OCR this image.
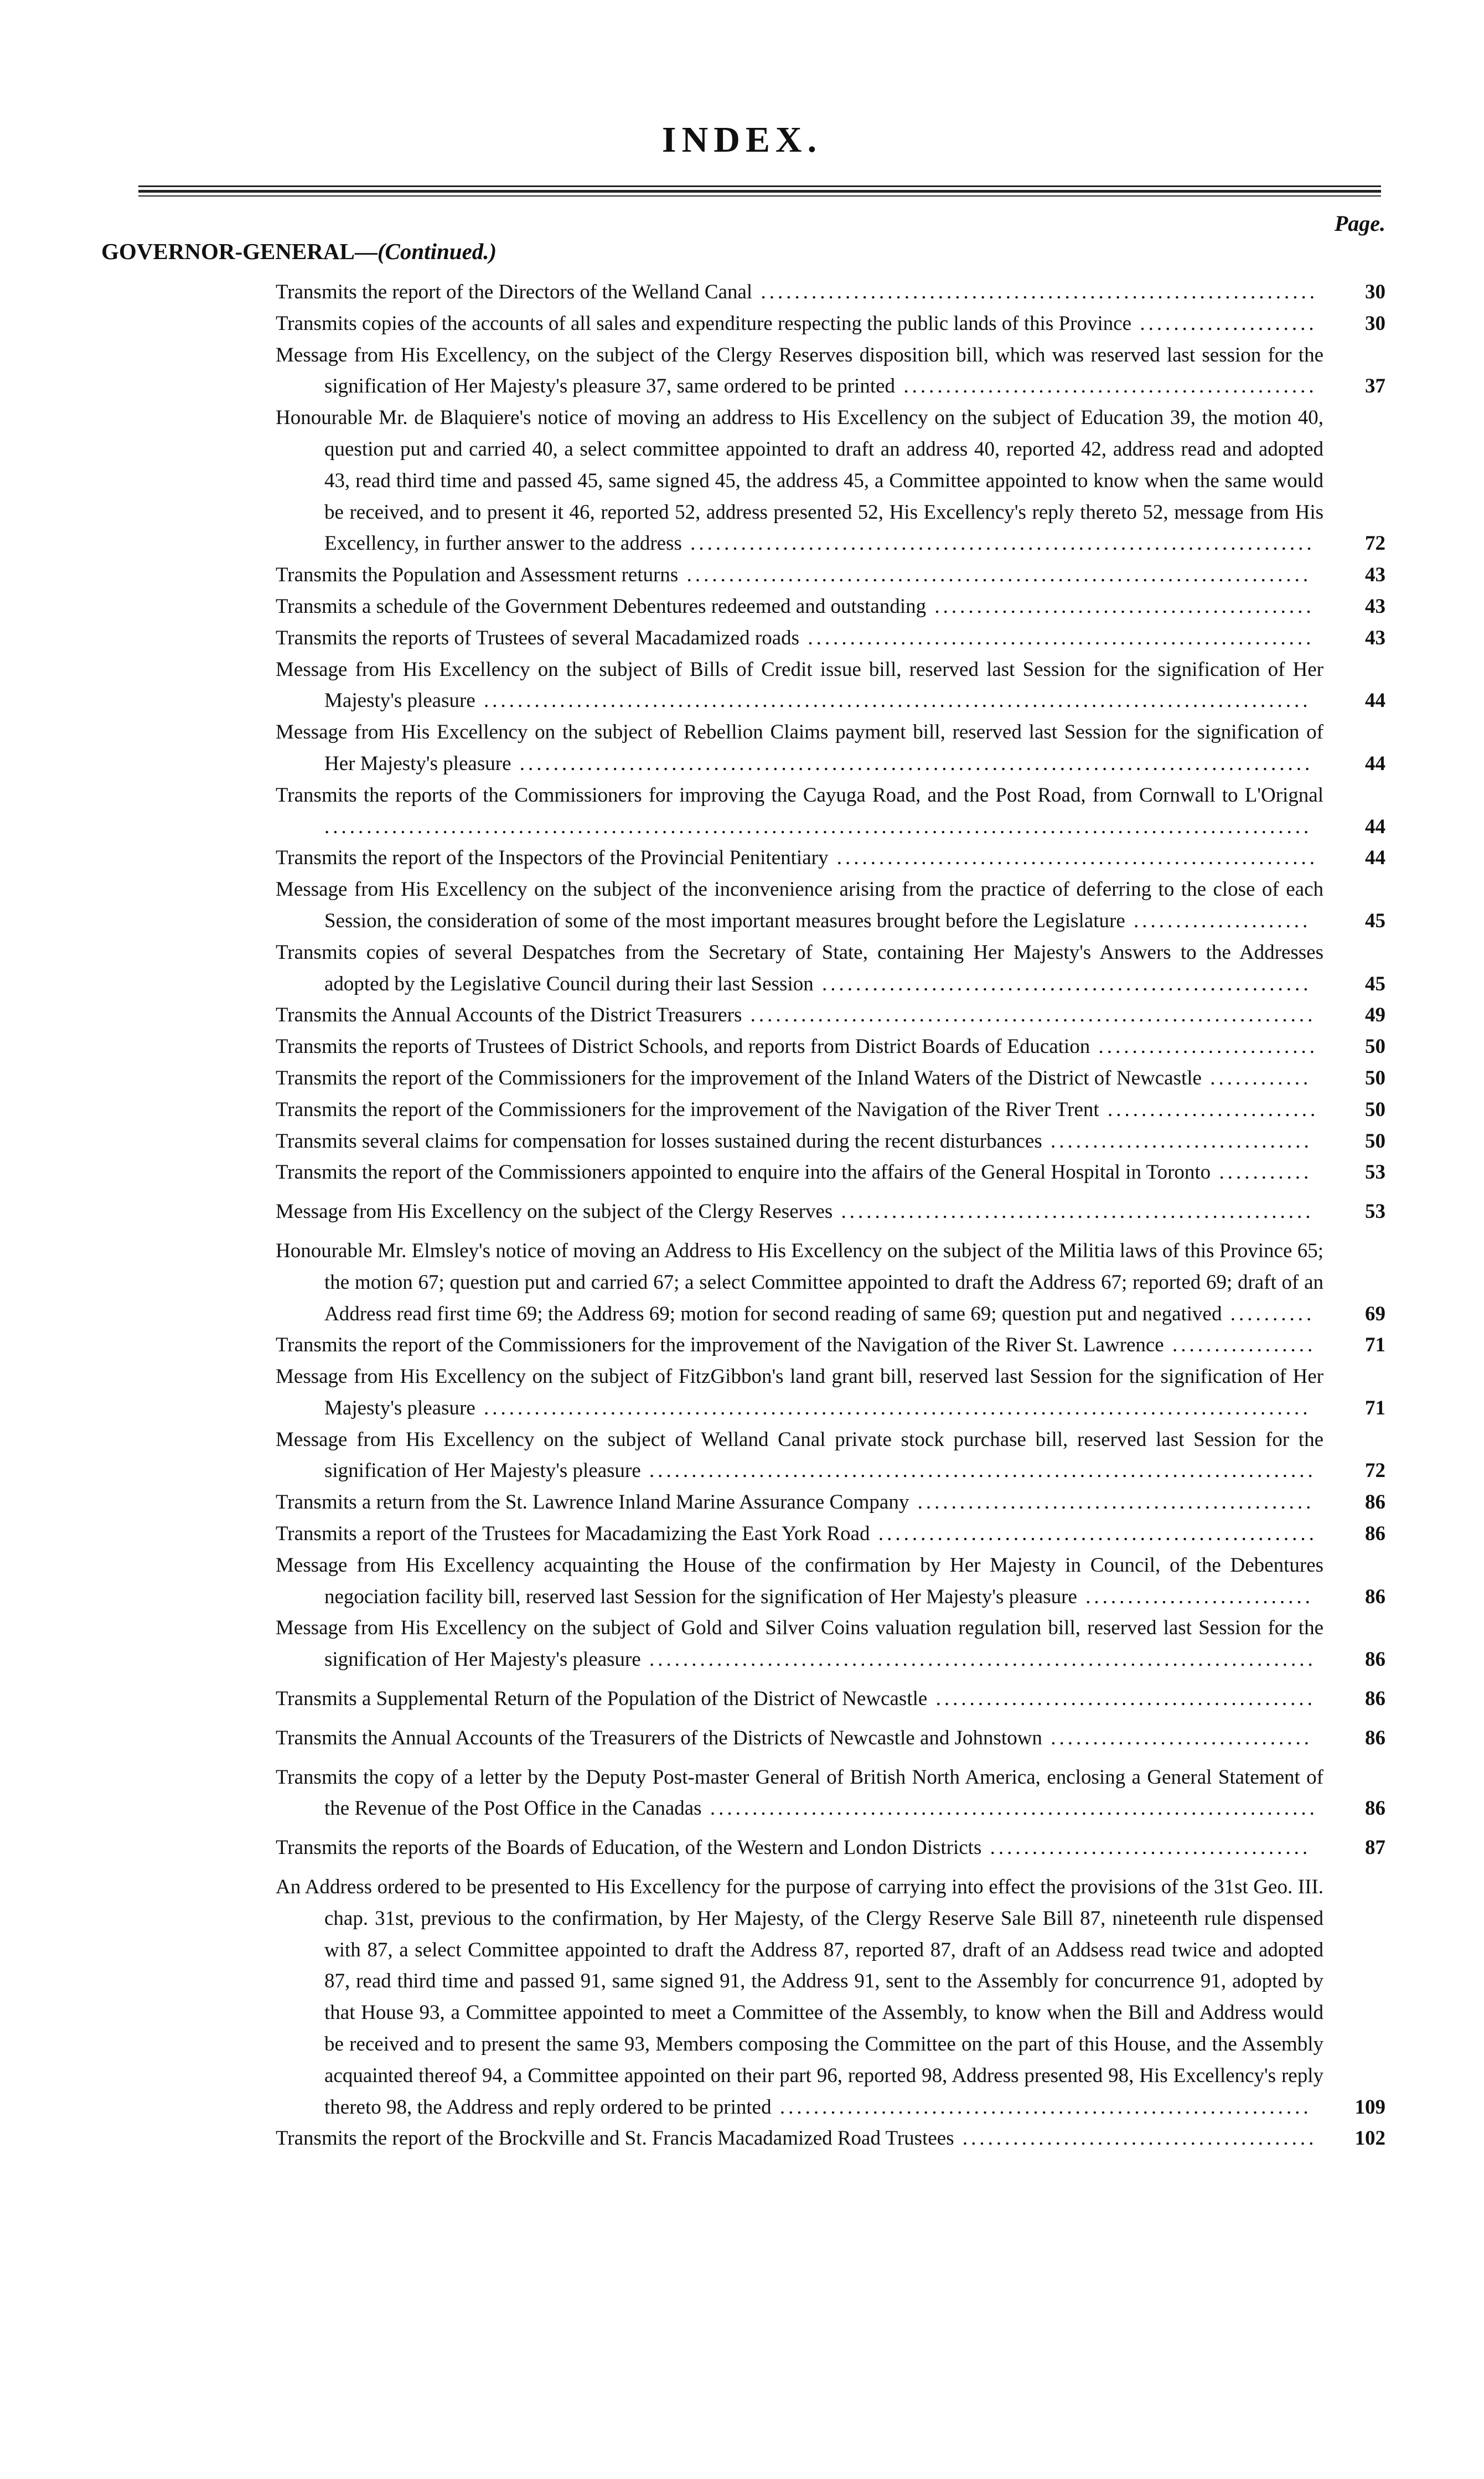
INDEX.
Page.
GOVERNOR-GENERAL—(Continued.)
Transmits the report of the Directors of the Welland Canal ..................................................................	30
Transmits copies of the accounts of all sales and expenditure respecting the public lands of this Province .....................	30
Message from His Excellency, on the subject of the Clergy Reserves disposition bill, which was reserved last session for the signification of Her Majesty's pleasure 37, same ordered to be printed .................................................	37
Honourable Mr. de Blaquiere's notice of moving an address to His Excellency on the subject of Education 39, the motion 40, question put and carried 40, a select committee appointed to draft an address 40, reported 42, address read and adopted 43, read third time and passed 45, same signed 45, the address 45, a Committee appointed to know when the same would be received, and to present it 46, reported 52, address presented 52, His Excellency's reply thereto 52, message from His Excellency, in further answer to the address ..........................................................................	72
Transmits the Population and Assessment returns ..........................................................................	43
Transmits a schedule of the Government Debentures redeemed and outstanding .............................................	43
Transmits the reports of Trustees of several Macadamized roads ............................................................	43
Message from His Excellency on the subject of Bills of Credit issue bill, reserved last Session for the signification of Her Majesty's pleasure ..................................................................................................	44
Message from His Excellency on the subject of Rebellion Claims payment bill, reserved last Session for the signification of Her Majesty's pleasure ..............................................................................................	44
Transmits the reports of the Commissioners for improving the Cayuga Road, and the Post Road, from Cornwall to L'Orignal .....................................................................................................................	44
Transmits the report of the Inspectors of the Provincial Penitentiary .........................................................	44
Message from His Excellency on the subject of the inconvenience arising from the practice of deferring to the close of each Session, the consideration of some of the most important measures brought before the Legislature .....................	45
Transmits copies of several Despatches from the Secretary of State, containing Her Majesty's Answers to the Addresses adopted by the Legislative Council during their last Session ..........................................................	45
Transmits the Annual Accounts of the District Treasurers ...................................................................	49
Transmits the reports of Trustees of District Schools, and reports from District Boards of Education ..........................	50
Transmits the report of the Commissioners for the improvement of the Inland Waters of the District of Newcastle ............	50
Transmits the report of the Commissioners for the improvement of the Navigation of the River Trent .........................	50
Transmits several claims for compensation for losses sustained during the recent disturbances ...............................	50
Transmits the report of the Commissioners appointed to enquire into the affairs of the General Hospital in Toronto ...........	53
Message from His Excellency on the subject of the Clergy Reserves ........................................................	53
Honourable Mr. Elmsley's notice of moving an Address to His Excellency on the subject of the Militia laws of this Province 65; the motion 67; question put and carried 67; a select Committee appointed to draft the Address 67; reported 69; draft of an Address read first time 69; the Address 69; motion for second reading of same 69; question put and negatived ..........	69
Transmits the report of the Commissioners for the improvement of the Navigation of the River St. Lawrence .................	71
Message from His Excellency on the subject of FitzGibbon's land grant bill, reserved last Session for the signification of Her Majesty's pleasure ..................................................................................................	71
Message from His Excellency on the subject of Welland Canal private stock purchase bill, reserved last Session for the signification of Her Majesty's pleasure ...............................................................................	72
Transmits a return from the St. Lawrence Inland Marine Assurance Company ...............................................	86
Transmits a report of the Trustees for Macadamizing the East York Road ....................................................	86
Message from His Excellency acquainting the House of the confirmation by Her Majesty in Council, of the Debentures negociation facility bill, reserved last Session for the signification of Her Majesty's pleasure ...........................	86
Message from His Excellency on the subject of Gold and Silver Coins valuation regulation bill, reserved last Session for the signification of Her Majesty's pleasure ...............................................................................	86
Transmits a Supplemental Return of the Population of the District of Newcastle .............................................	86
Transmits the Annual Accounts of the Treasurers of the Districts of Newcastle and Johnstown ...............................	86
Transmits the copy of a letter by the Deputy Post-master General of British North America, enclosing a General Statement of the Revenue of the Post Office in the Canadas ........................................................................	86
Transmits the reports of the Boards of Education, of the Western and London Districts ......................................	87
An Address ordered to be presented to His Excellency for the purpose of carrying into effect the provisions of the 31st Geo. III. chap. 31st, previous to the confirmation, by Her Majesty, of the Clergy Reserve Sale Bill 87, nineteenth rule dispensed with 87, a select Committee appointed to draft the Address 87, reported 87, draft of an Addsess read twice and adopted 87, read third time and passed 91, same signed 91, the Address 91, sent to the Assembly for concurrence 91, adopted by that House 93, a Committee appointed to meet a Committee of the Assembly, to know when the Bill and Address would be received and to present the same 93, Members composing the Committee on the part of this House, and the Assembly acquainted thereof 94, a Committee appointed on their part 96, reported 98, Address presented 98, His Excellency's reply thereto 98, the Address and reply ordered to be printed ...............................................................	109
Transmits the report of the Brockville and St. Francis Macadamized Road Trustees ..........................................	102
